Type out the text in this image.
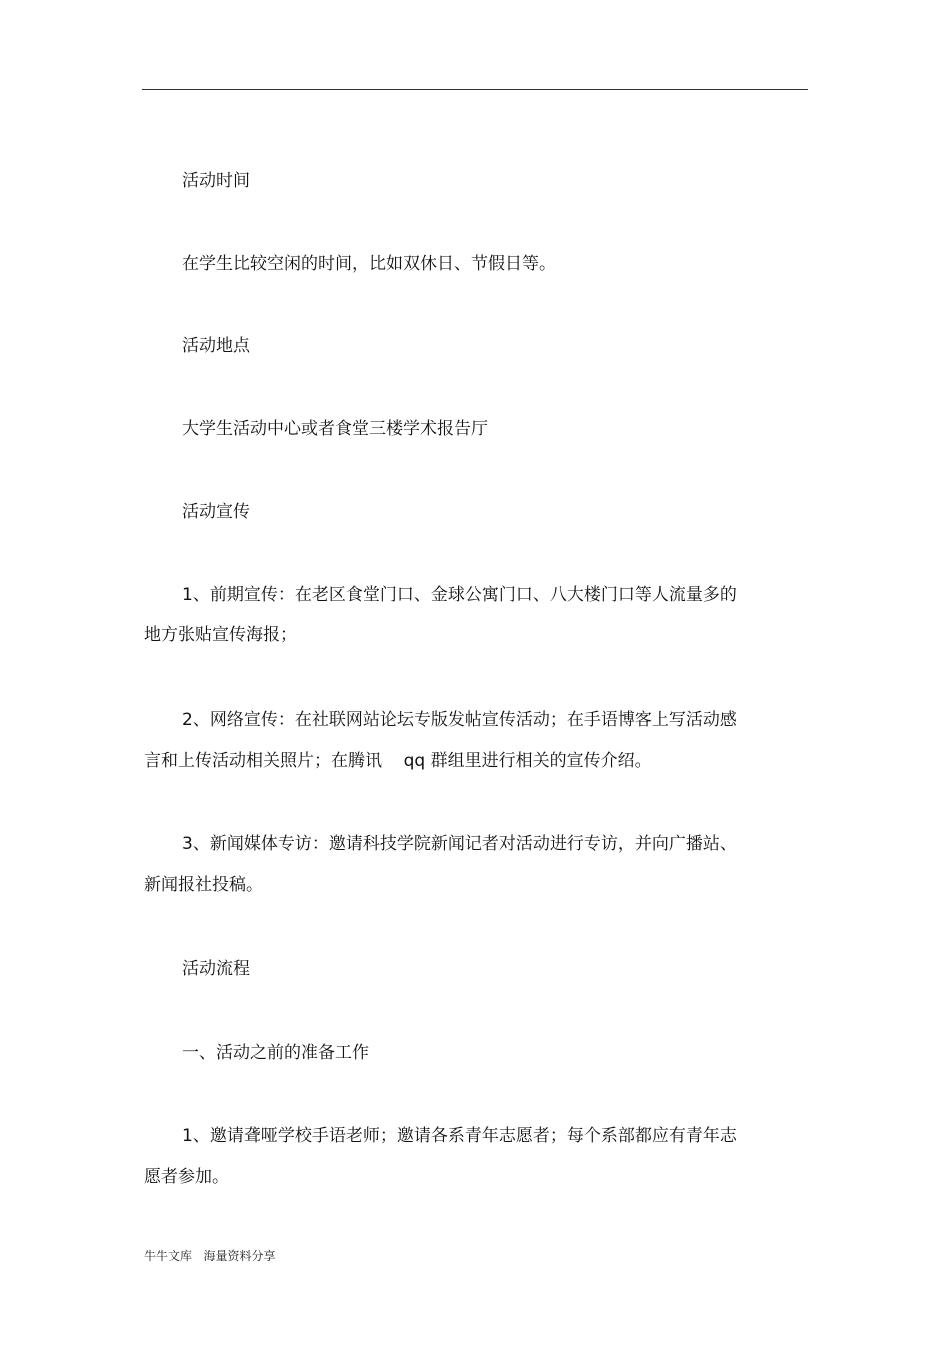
活动时间

在学生比较空闲的时间，比如双休日、节假日等。

活动地点

大学生活动中心或者食堂三楼学术报告厅

活动宣传

1、前期宣传：在老区食堂门口、金球公寓门口、八大楼门口等人流量多的

地方张贴宣传海报；

2、网络宣传：在社联网站论坛专版发帖宣传活动；在手语博客上写活动感

言和上传活动相关照片；在腾讯    qq 群组里进行相关的宣传介绍。

3、新闻媒体专访：邀请科技学院新闻记者对活动进行专访，并向广播站、

新闻报社投稿。

活动流程

一、活动之前的准备工作

1、邀请聋哑学校手语老师；邀请各系青年志愿者；每个系部都应有青年志

愿者参加。

牛牛文库   海量资料分享
